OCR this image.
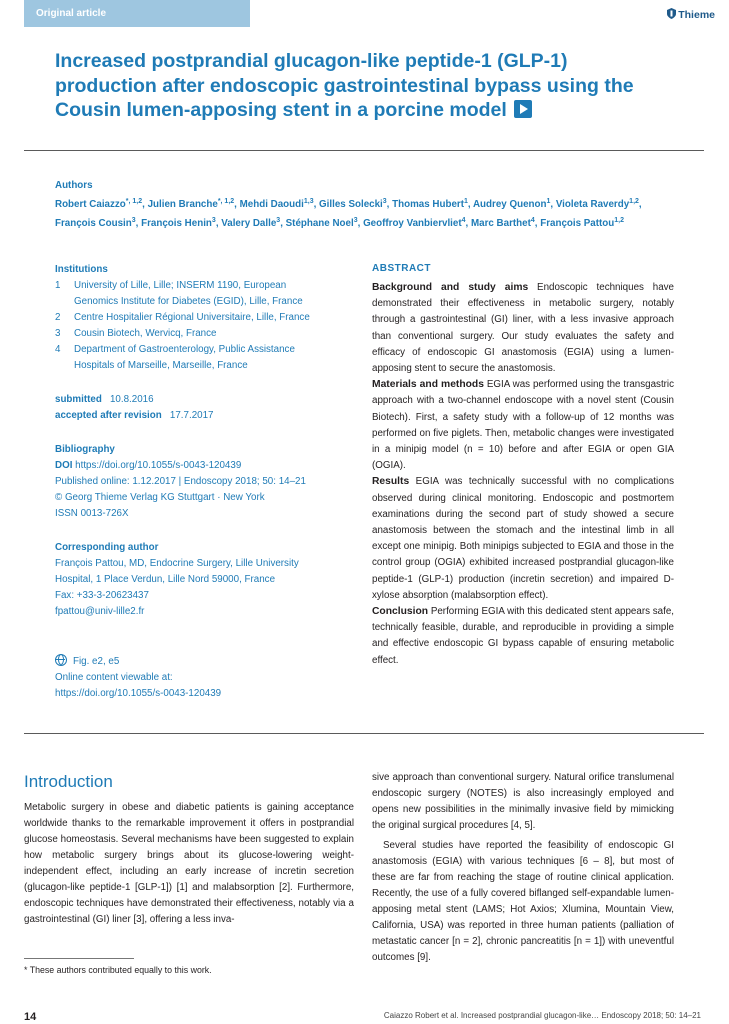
Original article	Thieme
Increased postprandial glucagon-like peptide-1 (GLP-1) production after endoscopic gastrointestinal bypass using the Cousin lumen-apposing stent in a porcine model
Authors
Robert Caiazzo$^{*, 1,2}$, Julien Branche$^{*, 1,2}$, Mehdi Daoudi$^{1,3}$, Gilles Solecki$^3$, Thomas Hubert$^1$, Audrey Quenon$^1$, Violeta Raverdy$^{1,2}$, François Cousin$^3$, François Henin$^3$, Valery Dalle$^3$, Stéphane Noel$^3$, Geoffroy Vanbiervliet$^4$, Marc Barthet$^4$, François Pattou$^{1,2}$
Institutions
1	University of Lille, Lille; INSERM 1190, European
Genomics Institute for Diabetes (EGID), Lille, France
2	Centre Hospitalier Régional Universitaire, Lille, France
3	Cousin Biotech, Wervicq, France
4	Department of Gastroenterology, Public Assistance
Hospitals of Marseille, Marseille, France
submitted 10.8.2016
accepted after revision 17.7.2017
Bibliography
DOI https://doi.org/10.1055/s-0043-120439
Published online: 1.12.2017 | Endoscopy 2018; 50: 14–21
© Georg Thieme Verlag KG Stuttgart · New York
ISSN 0013-726X
Corresponding author
François Pattou, MD, Endocrine Surgery, Lille University
Hospital, 1 Place Verdun, Lille Nord 59000, France
Fax: +33-3-20623437
fpattou@univ-lille2.fr
Fig. e2, e5
Online content viewable at:
https://doi.org/10.1055/s-0043-120439
ABSTRACT
Background and study aims Endoscopic techniques have demonstrated their effectiveness in metabolic surgery, notably through a gastrointestinal (GI) liner, with a less invasive approach than conventional surgery. Our study evaluates the safety and efficacy of endoscopic GI anastomosis (EGIA) using a lumen-apposing stent to secure the anastomosis.
Materials and methods EGIA was performed using the transgastric approach with a two-channel endoscope with a novel stent (Cousin Biotech). First, a safety study with a follow-up of 12 months was performed on five piglets. Then, metabolic changes were investigated in a minipig model (n = 10) before and after EGIA or open GIA (OGIA).
Results EGIA was technically successful with no complications observed during clinical monitoring. Endoscopic and postmortem examinations during the second part of study showed a secure anastomosis between the stomach and the intestinal limb in all except one minipig. Both minipigs subjected to EGIA and those in the control group (OGIA) exhibited increased postprandial glucagon-like peptide-1 (GLP-1) production (incretin secretion) and impaired D-xylose absorption (malabsorption effect).
Conclusion Performing EGIA with this dedicated stent appears safe, technically feasible, durable, and reproducible in providing a simple and effective endoscopic GI bypass capable of ensuring metabolic effect.
Introduction
Metabolic surgery in obese and diabetic patients is gaining acceptance worldwide thanks to the remarkable improvement it offers in postprandial glucose homeostasis. Several mechanisms have been suggested to explain how metabolic surgery brings about its glucose-lowering weight-independent effect, including an early increase of incretin secretion (glucagon-like peptide-1 [GLP-1]) [1] and malabsorption [2]. Furthermore, endoscopic techniques have demonstrated their effectiveness, notably via a gastrointestinal (GI) liner [3], offering a less inva-

sive approach than conventional surgery. Natural orifice translumenal endoscopic surgery (NOTES) is also increasingly employed and opens new possibilities in the minimally invasive field by mimicking the original surgical procedures [4, 5].

Several studies have reported the feasibility of endoscopic GI anastomosis (EGIA) with various techniques [6 – 8], but most of these are far from reaching the stage of routine clinical application. Recently, the use of a fully covered biflanged self-expandable lumen-apposing metal stent (LAMS; Hot Axios; Xlumina, Mountain View, California, USA) was reported in three human patients (palliation of metastatic cancer [n = 2], chronic pancreatitis [n = 1]) with uneventful outcomes [9].

* These authors contributed equally to this work.
14	Caiazzo Robert et al. Increased postprandial glucagon-like… Endoscopy 2018; 50: 14–21
